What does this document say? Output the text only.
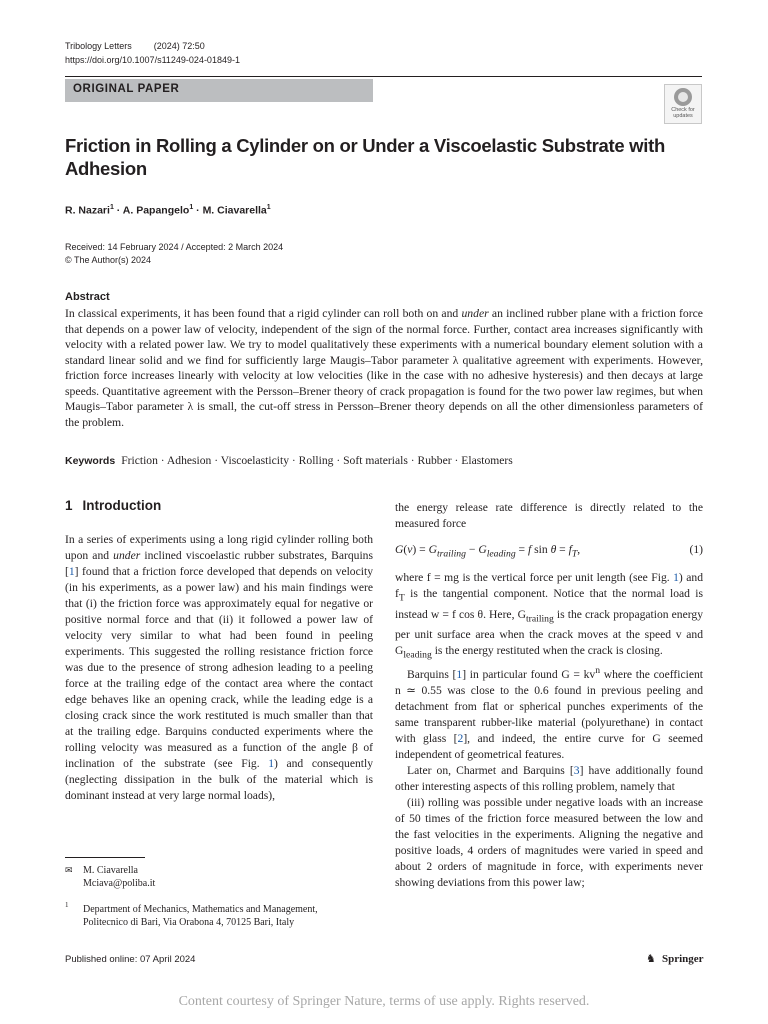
Tribology Letters (2024) 72:50
https://doi.org/10.1007/s11249-024-01849-1
ORIGINAL PAPER
Check for
updates
Friction in Rolling a Cylinder on or Under a Viscoelastic Substrate with Adhesion
R. Nazari$^1$ · A. Papangelo$^1$ · M. Ciavarella$^1$
Received: 14 February 2024 / Accepted: 2 March 2024
© The Author(s) 2024
Abstract

In classical experiments, it has been found that a rigid cylinder can roll both on and under an inclined rubber plane with a friction force that depends on a power law of velocity, independent of the sign of the normal force. Further, contact area increases significantly with velocity with a related power law. We try to model qualitatively these experiments with a numerical boundary element solution with a standard linear solid and we find for sufficiently large Maugis–Tabor parameter λ qualitative agreement with experiments. However, friction force increases linearly with velocity at low velocities (like in the case with no adhesive hysteresis) and then decays at large speeds. Quantitative agreement with the Persson–Brener theory of crack propagation is found for the two power law regimes, but when Maugis–Tabor parameter λ is small, the cut-off stress in Persson–Brener theory depends on all the other dimensionless parameters of the problem.

Keywords Friction · Adhesion · Viscoelasticity · Rolling · Soft materials · Rubber · Elastomers
1 Introduction

In a series of experiments using a long rigid cylinder rolling both upon and under inclined viscoelastic rubber substrates, Barquins [1] found that a friction force developed that depends on velocity (in his experiments, as a power law) and his main findings were that (i) the friction force was approximately equal for negative or positive normal force and that (ii) it followed a power law of velocity very similar to what had been found in peeling experiments. This suggested the rolling resistance friction force was due to the presence of strong adhesion leading to a peeling force at the trailing edge of the contact area where the contact edge behaves like an opening crack, while the leading edge is a closing crack since the work restituted is much smaller than that at the trailing edge. Barquins conducted experiments where the rolling velocity was measured as a function of the angle β of inclination of the substrate (see Fig. 1) and consequently (neglecting dissipation in the bulk of the material which is dominant instead at very large normal loads),

the energy release rate difference is directly related to the measured force

$G(v) = G_{trailing} - G_{leading} = f$ $\sin \theta = f_T$,	(1)

where f = mg is the vertical force per unit length (see Fig. 1) and $f_T$ is the tangential component. Notice that the normal load is instead w = f cos θ. Here, $G_{trailing}$ is the crack propagation energy per unit surface area when the crack moves at the speed v and $G_{leading}$ is the energy restituted when the crack is closing.

Barquins [1] in particular found $G = kv^n$ where the coefficient n ≃ 0.55 was close to the 0.6 found in previous peeling and detachment from flat or spherical punches experiments of the same transparent rubber-like material (polyurethane) in contact with glass [2], and indeed, the entire curve for G seemed independent of geometrical features.

Later on, Charmet and Barquins [3] have additionally found other interesting aspects of this rolling problem, namely that

(iii) rolling was possible under negative loads with an increase of 50 times of the friction force measured between the low and the fast velocities in the experiments. Aligning the negative and positive loads, 4 orders of magnitudes were varied in speed and about 2 orders of magnitude in force, with experiments never showing deviations from this power law;

✉ M. Ciavarella
Mciava@poliba.it
1 Department of Mechanics, Mathematics and Management,
Politecnico di Bari, Via Orabona 4, 70125 Bari, Italy
Published online: 07 April 2024	♞ Springer
Content courtesy of Springer Nature, terms of use apply. Rights reserved.
